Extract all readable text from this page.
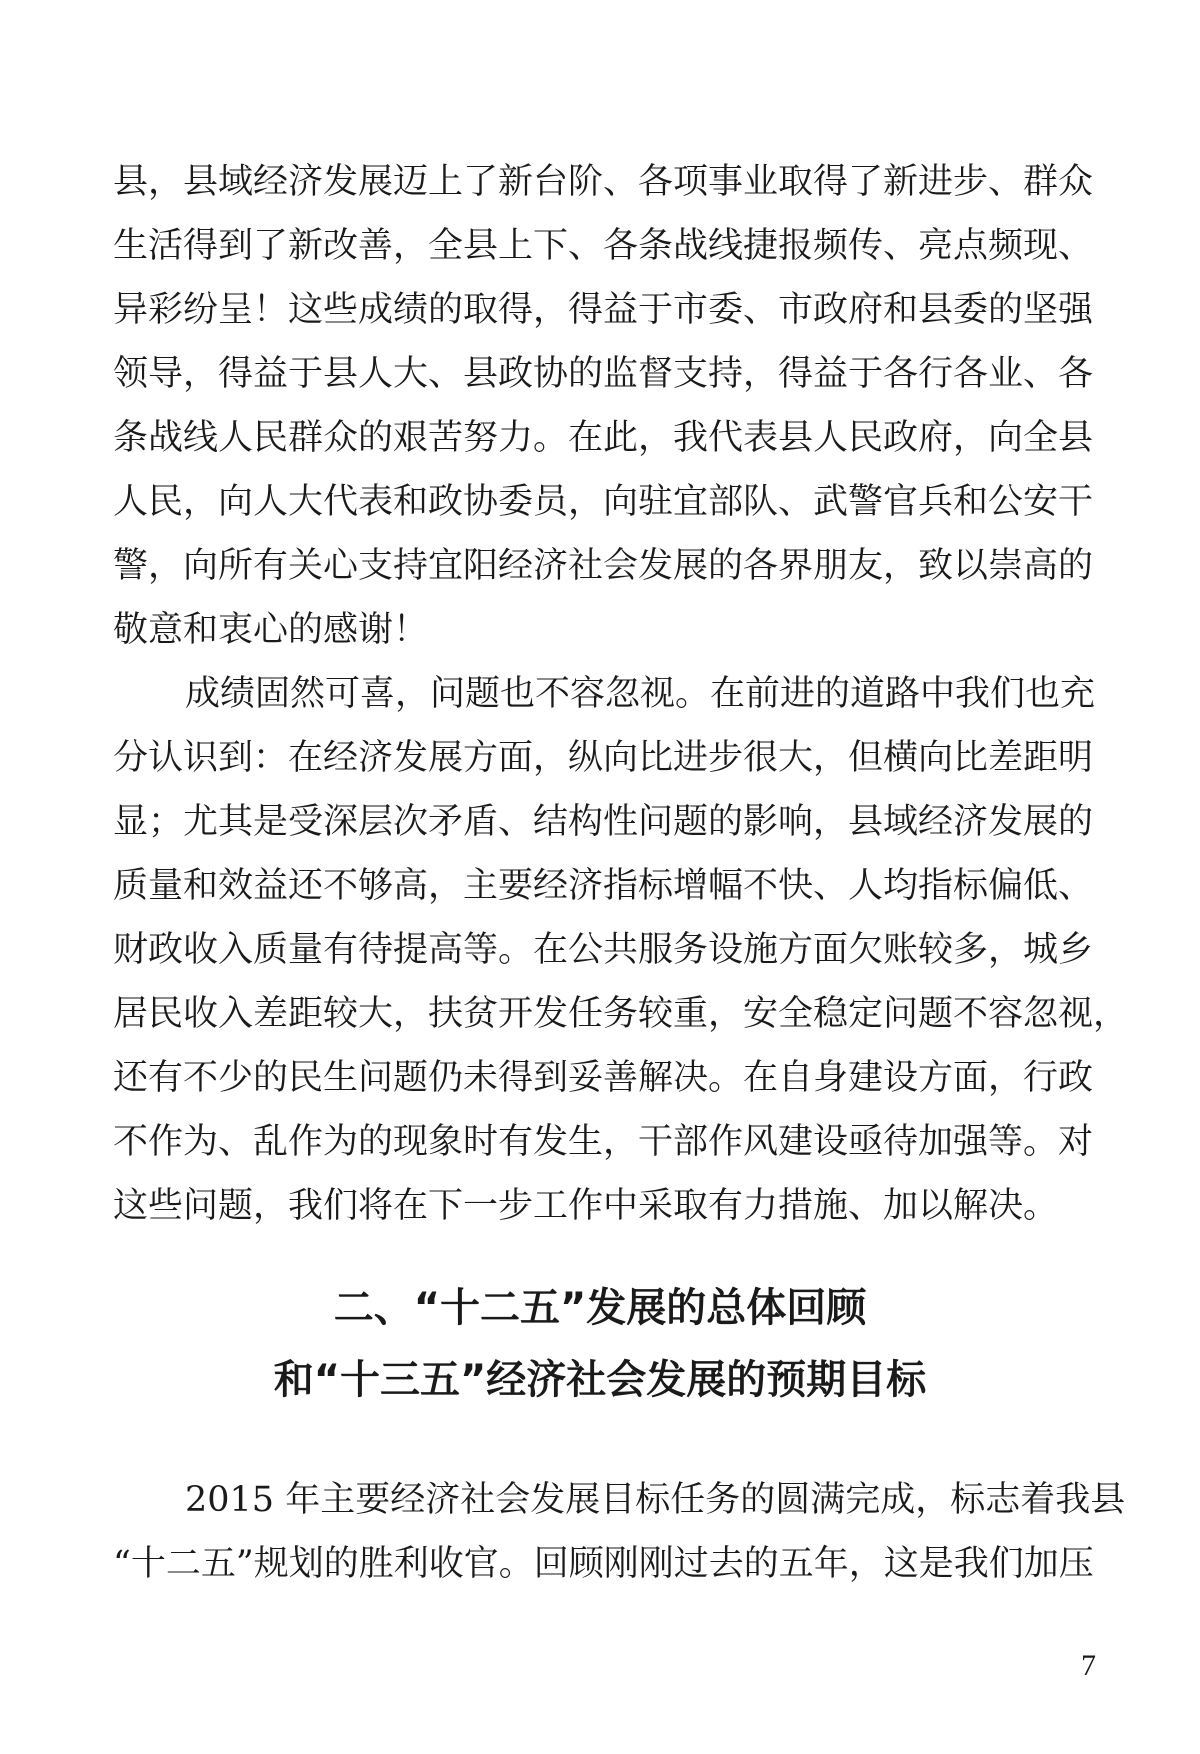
县，县域经济发展迈上了新台阶、各项事业取得了新进步、群众
生活得到了新改善，全县上下、各条战线捷报频传、亮点频现、
异彩纷呈！这些成绩的取得，得益于市委、市政府和县委的坚强
领导，得益于县人大、县政协的监督支持，得益于各行各业、各
条战线人民群众的艰苦努力。在此，我代表县人民政府，向全县
人民，向人大代表和政协委员，向驻宜部队、武警官兵和公安干
警，向所有关心支持宜阳经济社会发展的各界朋友，致以崇高的
敬意和衷心的感谢！
成绩固然可喜，问题也不容忽视。在前进的道路中我们也充
分认识到：在经济发展方面，纵向比进步很大，但横向比差距明
显；尤其是受深层次矛盾、结构性问题的影响，县域经济发展的
质量和效益还不够高，主要经济指标增幅不快、人均指标偏低、
财政收入质量有待提高等。在公共服务设施方面欠账较多，城乡
居民收入差距较大，扶贫开发任务较重，安全稳定问题不容忽视，
还有不少的民生问题仍未得到妥善解决。在自身建设方面，行政
不作为、乱作为的现象时有发生，干部作风建设亟待加强等。对
这些问题，我们将在下一步工作中采取有力措施、加以解决。
二、“十二五”发展的总体回顾
和“十三五”经济社会发展的预期目标
2015 年主要经济社会发展目标任务的圆满完成，标志着我县
“十二五”规划的胜利收官。回顾刚刚过去的五年，这是我们加压
7
